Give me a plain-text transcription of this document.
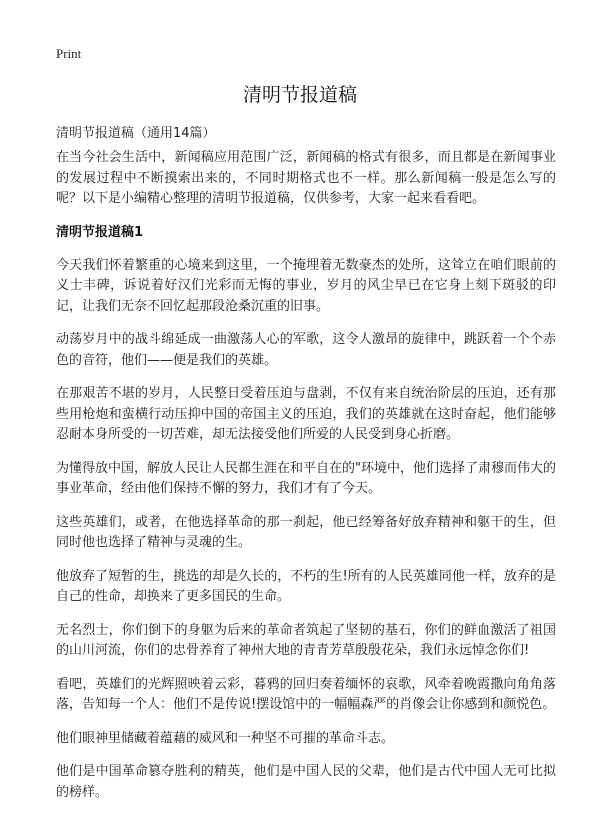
Print
清明节报道稿
清明节报道稿（通用14篇）

在当今社会生活中，新闻稿应用范围广泛，新闻稿的格式有很多，而且都是在新闻事业的发展过程中不断摸索出来的，不同时期格式也不一样。那么新闻稿一般是怎么写的呢？以下是小编精心整理的清明节报道稿，仅供参考，大家一起来看看吧。

清明节报道稿1

今天我们怀着繁重的心境来到这里，一个掩埋着无数豪杰的处所，这耸立在咱们眼前的义士丰碑，诉说着好汉们光彩而无悔的事业，岁月的风尘早已在它身上刻下斑驳的印记，让我们无奈不回忆起那段沧桑沉重的旧事。

动荡岁月中的战斗绵延成一曲激荡人心的军歌，这令人激昂的旋律中，跳跃着一个个赤色的音符，他们——便是我们的英雄。

在那艰苦不堪的岁月，人民整日受着压迫与盘剥，不仅有来自统治阶层的压迫，还有那些用枪炮和蛮横行动压抑中国的帝国主义的压迫，我们的英雄就在这时奋起，他们能够忍耐本身所受的一切苦难，却无法接受他们所爱的人民受到身心折磨。

为懂得放中国，解放人民让人民都生涯在和平自在的"环境中，他们选择了肃穆而伟大的事业革命，经由他们保持不懈的努力，我们才有了今天。

这些英雄们，或者，在他选择革命的那一刹起，他已经筹备好放弃精神和躯干的生，但同时他也选择了精神与灵魂的生。

他放弃了短暂的生，挑选的却是久长的，不朽的生!所有的人民英雄同他一样，放弃的是自己的性命，却换来了更多国民的生命。

无名烈士，你们倒下的身躯为后来的革命者筑起了坚韧的基石，你们的鲜血激活了祖国的山川河流，你们的忠骨养育了神州大地的青青芳草殷殷花朵，我们永远悼念你们!

看吧，英雄们的光辉照映着云彩，暮鸦的回归奏着缅怀的哀歌，风牵着晚霞撒向角角落落，告知每一个人：他们不是传说!摆设馆中的一幅幅森严的肖像会让你感到和颜悦色。

他们眼神里储藏着蕴藉的威风和一种坚不可摧的革命斗志。

他们是中国革命篡夺胜利的精英，他们是中国人民的父辈，他们是古代中国人无可比拟的榜样。
